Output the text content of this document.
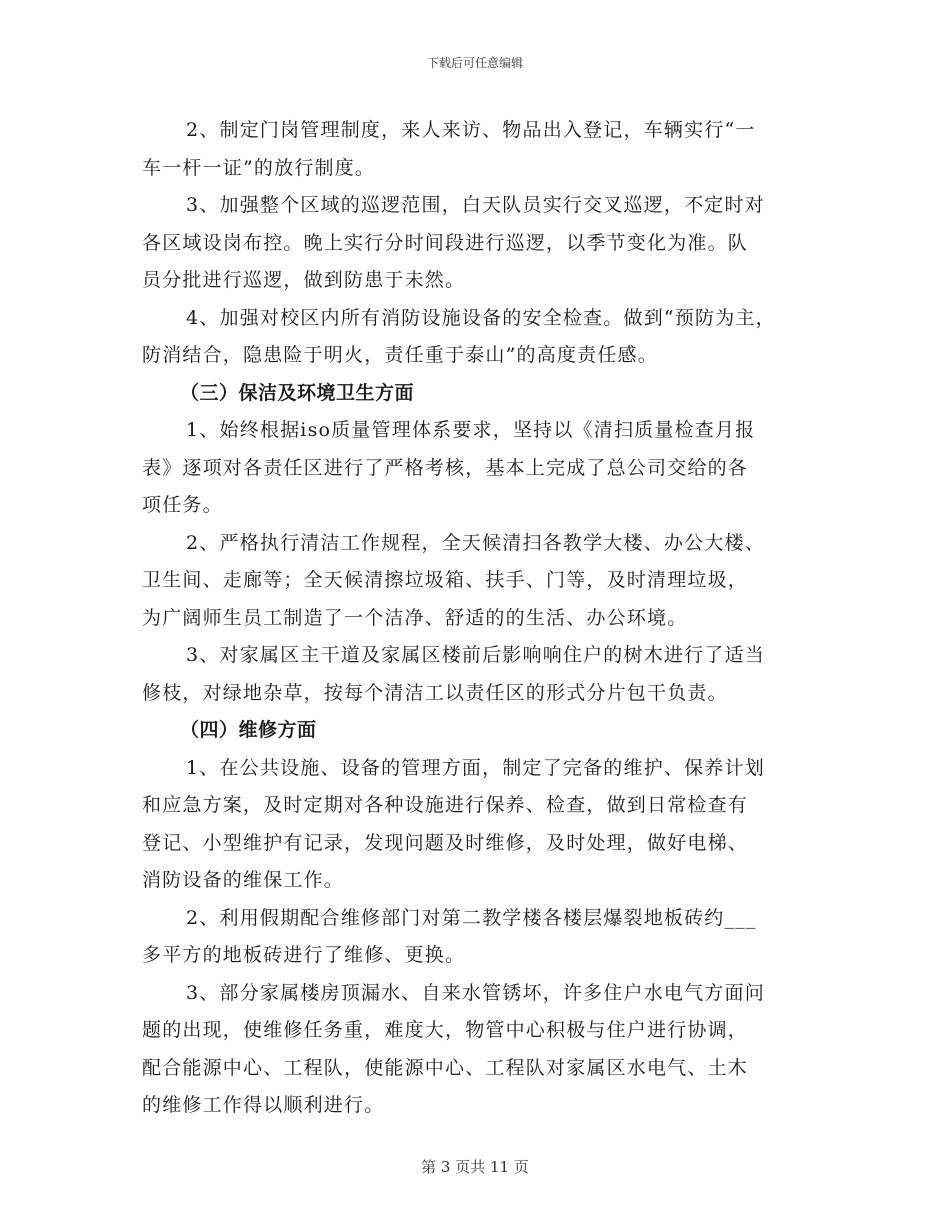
下载后可任意编辑
2、制定门岗管理制度，来人来访、物品出入登记，车辆实行“一
车一杆一证”的放行制度。
3、加强整个区域的巡逻范围，白天队员实行交叉巡逻，不定时对
各区域设岗布控。晚上实行分时间段进行巡逻，以季节变化为准。队
员分批进行巡逻，做到防患于未然。
4、加强对校区内所有消防设施设备的安全检查。做到“预防为主，
防消结合，隐患险于明火，责任重于泰山”的高度责任感。
（三）保洁及环境卫生方面
1、始终根据iso质量管理体系要求，坚持以《清扫质量检查月报
表》逐项对各责任区进行了严格考核，基本上完成了总公司交给的各
项任务。
2、严格执行清洁工作规程，全天候清扫各教学大楼、办公大楼、
卫生间、走廊等；全天候清擦垃圾箱、扶手、门等，及时清理垃圾，
为广阔师生员工制造了一个洁净、舒适的的生活、办公环境。
3、对家属区主干道及家属区楼前后影响响住户的树木进行了适当
修枝，对绿地杂草，按每个清洁工以责任区的形式分片包干负责。
（四）维修方面
1、在公共设施、设备的管理方面，制定了完备的维护、保养计划
和应急方案，及时定期对各种设施进行保养、检查，做到日常检查有
登记、小型维护有记录，发现问题及时维修，及时处理，做好电梯、
消防设备的维保工作。
2、利用假期配合维修部门对第二教学楼各楼层爆裂地板砖约___
多平方的地板砖进行了维修、更换。
3、部分家属楼房顶漏水、自来水管锈坏，许多住户水电气方面问
题的出现，使维修任务重，难度大，物管中心积极与住户进行协调，
配合能源中心、工程队，使能源中心、工程队对家属区水电气、土木
的维修工作得以顺利进行。
第 3 页共 11 页
